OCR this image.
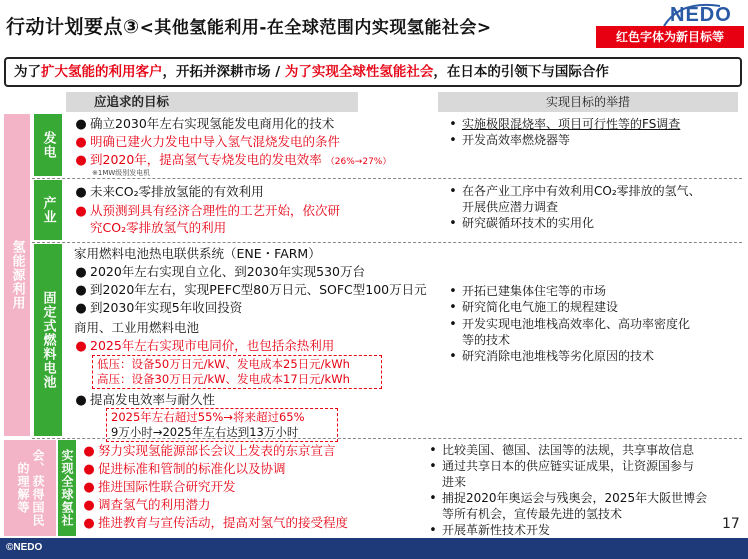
行动计划要点③<其他氢能利用-在全球范围内实现氢能社会>
NEDO
红色字体为新目标等
为了扩大氢能的利用客户，开拓并深耕市场 / 为了实现全球性氢能社会，在日本的引领下与国际合作
应追求的目标	实现目标的举措
氢能源利用
的理解等 会、获得国民
发电
产业
固定式燃料电池
实现全球氢社
● 确立2030年左右实现氢能发电商用化的技术
● 明确已建火力发电中导入氢气混烧发电的条件
● 到2020年，提高氢气专烧发电的发电效率 （26%→27%）
※1MW级别发电机
• 实施极限混烧率、项目可行性等的FS调查
• 开发高效率燃烧器等
● 未来CO₂零排放氢能的有效利用
● 从预测到具有经济合理性的工艺开始，依次研
究CO₂零排放氢气的利用
• 在各产业工序中有效利用CO₂零排放的氢气、
开展供应潜力调查
• 研究碳循环技术的实用化
家用燃料电池热电联供系统（ENE・FARM）
● 2020年左右实现自立化、到2030年实现530万台
● 到2020年左右，实现PEFC型80万日元、SOFC型100万日元
● 到2030年实现5年收回投资
商用、工业用燃料电池
● 2025年左右实现市电同价，也包括余热利用
低压：设备50万日元/kW、发电成本25日元/kWh
高压：设备30万日元/kW、发电成本17日元/kWh
● 提高发电效率与耐久性
2025年左右超过55%→将来超过65%
9万小时→2025年左右达到13万小时
• 开拓已建集体住宅等的市场
• 研究简化电气施工的规程建设
• 开发实现电池堆栈高效率化、高功率密度化
等的技术
• 研究消除电池堆栈等劣化原因的技术
● 努力实现氢能源部长会议上发表的东京宣言
● 促进标准和管制的标准化以及协调
● 推进国际性联合研究开发
● 调查氢气的利用潜力
● 推进教育与宣传活动，提高对氢气的接受程度
• 比较美国、德国、法国等的法规，共享事故信息
• 通过共享日本的供应链实证成果，让资源国参与
进来
• 捕捉2020年奥运会与残奥会，2025年大阪世博会
等所有机会，宣传最先进的氢技术
• 开展革新性技术开发	17
©NEDO
